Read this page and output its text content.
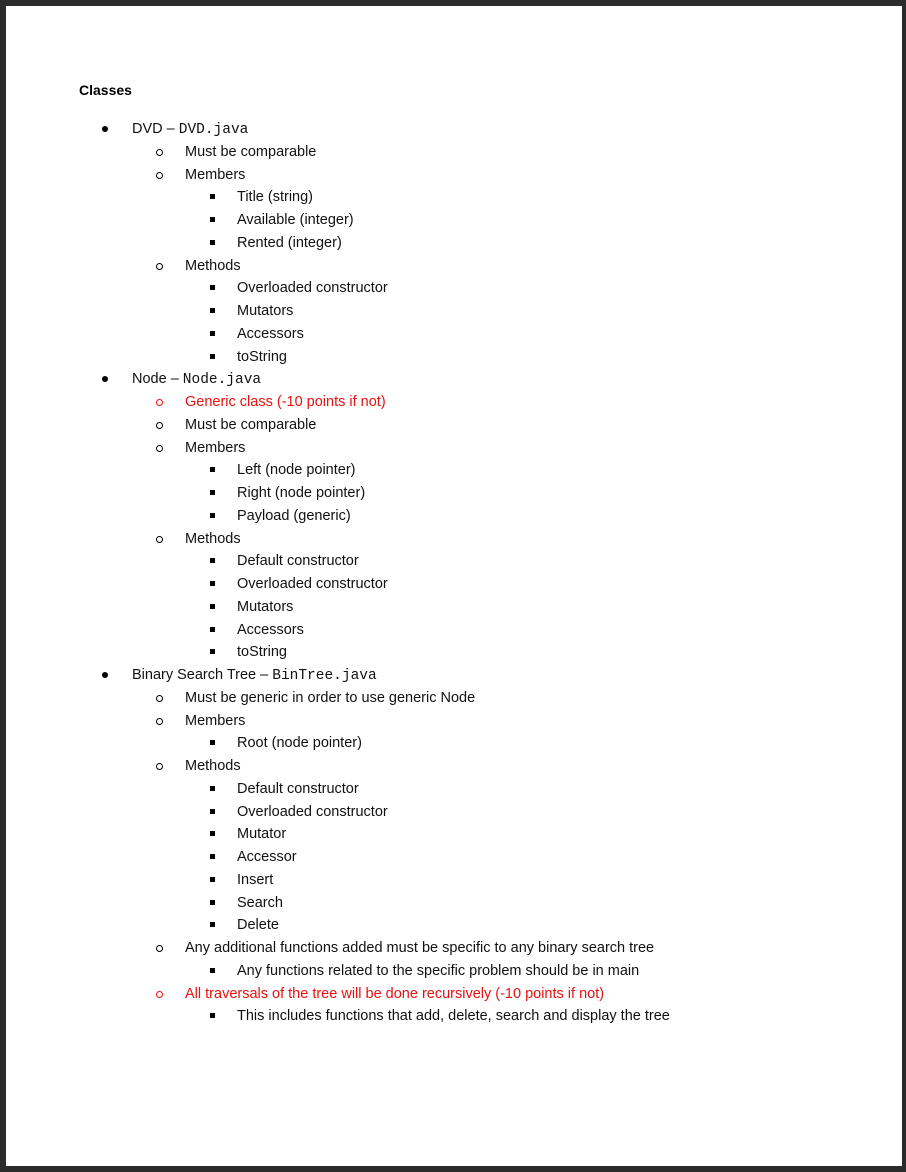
Classes
DVD – DVD.java
Must be comparable
Members
Title (string)
Available (integer)
Rented (integer)
Methods
Overloaded constructor
Mutators
Accessors
toString
Node – Node.java
Generic class (-10 points if not)
Must be comparable
Members
Left (node pointer)
Right (node pointer)
Payload (generic)
Methods
Default constructor
Overloaded constructor
Mutators
Accessors
toString
Binary Search Tree – BinTree.java
Must be generic in order to use generic Node
Members
Root (node pointer)
Methods
Default constructor
Overloaded constructor
Mutator
Accessor
Insert
Search
Delete
Any additional functions added must be specific to any binary search tree
Any functions related to the specific problem should be in main
All traversals of the tree will be done recursively (-10 points if not)
This includes functions that add, delete, search and display the tree
